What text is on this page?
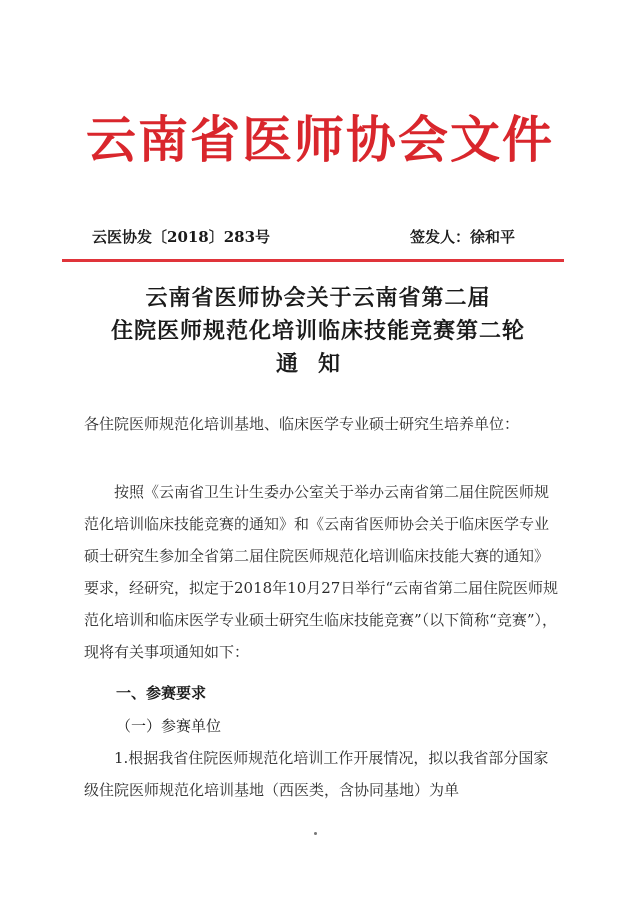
云南省医师协会文件
云医协发〔2018〕283号	签发人：徐和平
云南省医师协会关于云南省第二届
住院医师规范化培训临床技能竞赛第二轮
通知
各住院医师规范化培训基地、临床医学专业硕士研究生培养单位：
按照《云南省卫生计生委办公室关于举办云南省第二届住院医师规范化培训临床技能竞赛的通知》和《云南省医师协会关于临床医学专业硕士研究生参加全省第二届住院医师规范化培训临床技能大赛的通知》要求，经研究，拟定于2018年10月27日举行“云南省第二届住院医师规范化培训和临床医学专业硕士研究生临床技能竞赛”（以下简称“竞赛”），现将有关事项通知如下：
一、参赛要求
（一）参赛单位
1.根据我省住院医师规范化培训工作开展情况，拟以我省部分国家级住院医师规范化培训基地（西医类，含协同基地）为单
